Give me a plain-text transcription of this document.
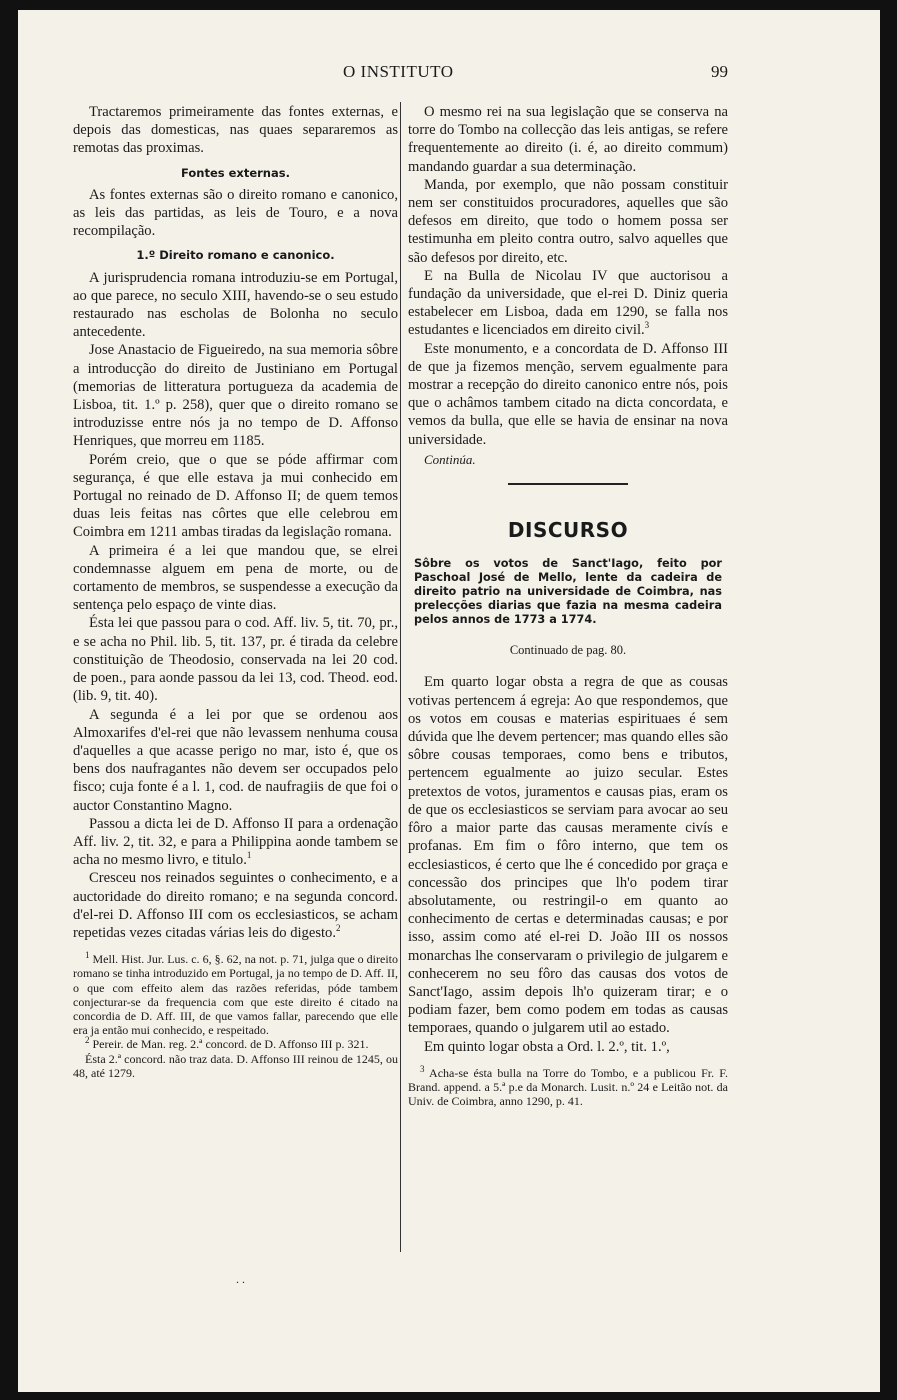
O INSTITUTO	99

Tractaremos primeiramente das fontes externas, e depois das domesticas, nas quaes separaremos as remotas das proximas.

Fontes externas.

As fontes externas são o direito romano e canonico, as leis das partidas, as leis de Touro, e a nova recompilação.

1.º Direito romano e canonico.

A jurisprudencia romana introduziu-se em Portugal, ao que parece, no seculo XIII, havendo-se o seu estudo restaurado nas escholas de Bolonha no seculo antecedente.

Jose Anastacio de Figueiredo, na sua memoria sôbre a introducção do direito de Justiniano em Portugal (memorias de litteratura portugueza da academia de Lisboa, tit. 1.º p. 258), quer que o direito romano se introduzisse entre nós ja no tempo de D. Affonso Henriques, que morreu em 1185.

Porém creio, que o que se póde affirmar com segurança, é que elle estava ja mui conhecido em Portugal no reinado de D. Affonso II; de quem temos duas leis feitas nas côrtes que elle celebrou em Coimbra em 1211 ambas tiradas da legislação romana.

A primeira é a lei que mandou que, se elrei condemnasse alguem em pena de morte, ou de cortamento de membros, se suspendesse a execução da sentença pelo espaço de vinte dias.

Ésta lei que passou para o cod. Aff. liv. 5, tit. 70, pr., e se acha no Phil. lib. 5, tit. 137, pr. é tirada da celebre constituição de Theodosio, conservada na lei 20 cod. de poen., para aonde passou da lei 13, cod. Theod. eod. (lib. 9, tit. 40).

A segunda é a lei por que se ordenou aos Almoxarifes d'el-rei que não levassem nenhuma cousa d'aquelles a que acasse perigo no mar, isto é, que os bens dos naufragantes não devem ser occupados pelo fisco; cuja fonte é a l. 1, cod. de naufragiis de que foi o auctor Constantino Magno.

Passou a dicta lei de D. Affonso II para a ordenação Aff. liv. 2, tit. 32, e para a Philippina aonde tambem se acha no mesmo livro, e titulo.$^1$

Cresceu nos reinados seguintes o conhecimento, e a auctoridade do direito romano; e na segunda concord. d'el-rei D. Affonso III com os ecclesiasticos, se acham repetidas vezes citadas várias leis do digesto.$^2$

$^1$ Mell. Hist. Jur. Lus. c. 6, §. 62, na not. p. 71, julga que o direito romano se tinha introduzido em Portugal, ja no tempo de D. Aff. II, o que com effeito alem das razões referidas, póde tambem conjecturar-se da frequencia com que este direito é citado na concordia de D. Aff. III, de que vamos fallar, parecendo que elle era ja então mui conhecido, e respeitado.

$^2$ Pereir. de Man. reg. 2.ª concord. de D. Affonso III p. 321.

Ésta 2.ª concord. não traz data. D. Affonso III reinou de 1245, ou 48, até 1279.

O mesmo rei na sua legislação que se conserva na torre do Tombo na collecção das leis antigas, se refere frequentemente ao direito (i. é, ao direito commum) mandando guardar a sua determinação.

Manda, por exemplo, que não possam constituir nem ser constituidos procuradores, aquelles que são defesos em direito, que todo o homem possa ser testimunha em pleito contra outro, salvo aquelles que são defesos por direito, etc.

E na Bulla de Nicolau IV que auctorisou a fundação da universidade, que el-rei D. Diniz queria estabelecer em Lisboa, dada em 1290, se falla nos estudantes e licenciados em direito civil.$^3$

Este monumento, e a concordata de D. Affonso III de que ja fizemos menção, servem egualmente para mostrar a recepção do direito canonico entre nós, pois que o achâmos tambem citado na dicta concordata, e vemos da bulla, que elle se havia de ensinar na nova universidade.

Continúa.
DISCURSO
Sôbre os votos de Sanct'Iago, feito por Paschoal José de Mello, lente da cadeira de direito patrio na universidade de Coimbra, nas prelecções diarias que fazia na mesma cadeira pelos annos de 1773 a 1774.
Continuado de pag. 80.

Em quarto logar obsta a regra de que as cousas votivas pertencem á egreja: Ao que respondemos, que os votos em cousas e materias espirituaes é sem dúvida que lhe devem pertencer; mas quando elles são sôbre cousas temporaes, como bens e tributos, pertencem egualmente ao juizo secular. Estes pretextos de votos, juramentos e causas pias, eram os de que os ecclesiasticos se serviam para avocar ao seu fôro a maior parte das causas meramente civís e profanas. Em fim o fôro interno, que tem os ecclesiasticos, é certo que lhe é concedido por graça e concessão dos principes que lh'o podem tirar absolutamente, ou restringil-o em quanto ao conhecimento de certas e determinadas causas; e por isso, assim como até el-rei D. João III os nossos monarchas lhe conservaram o privilegio de julgarem e conhecerem no seu fôro das causas dos votos de Sanct'Iago, assim depois lh'o quizeram tirar; e o podiam fazer, bem como podem em todas as causas temporaes, quando o julgarem util ao estado.

Em quinto logar obsta a Ord. l. 2.º, tit. 1.º,

$^3$ Acha-se ésta bulla na Torre do Tombo, e a publicou Fr. F. Brand. append. a 5.ª p.e da Monarch. Lusit. n.º 24 e Leitão not. da Univ. de Coimbra, anno 1290, p. 41.

. .
